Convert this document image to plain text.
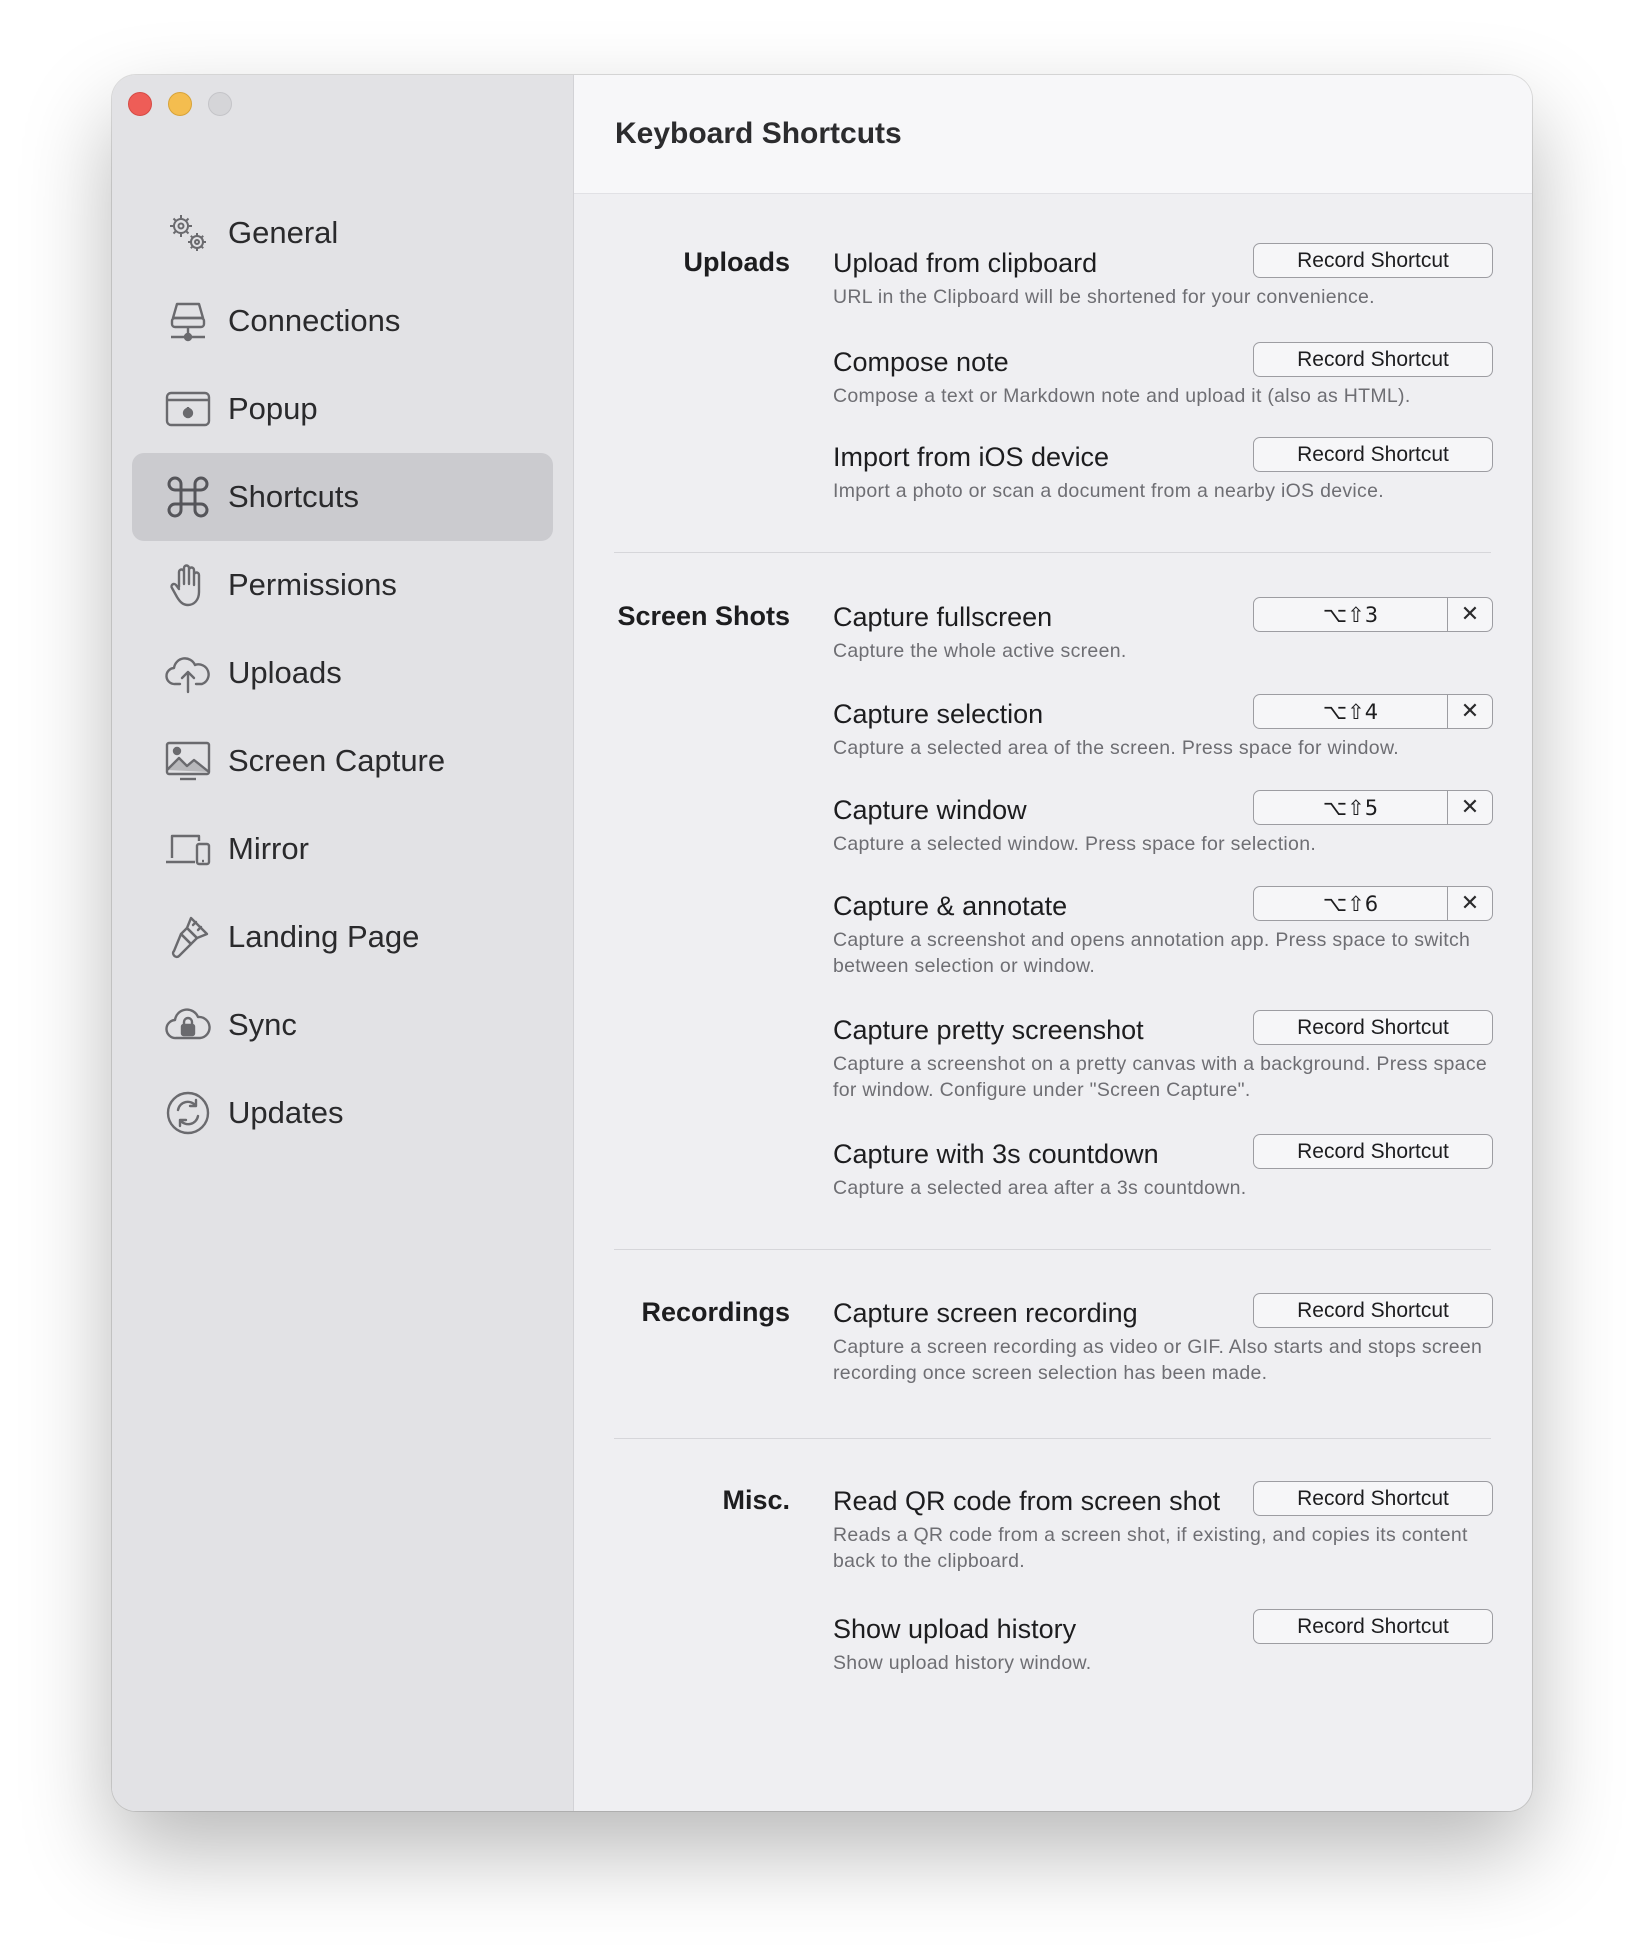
General
Connections
Popup
Shortcuts
Permissions
Uploads
Screen Capture
Mirror
Landing Page
Sync
Updates
Keyboard Shortcuts
Uploads Upload from clipboard
URL in the Clipboard will be shortened for your convenience.
Record Shortcut
Compose note
Compose a text or Markdown note and upload it (also as HTML).
Record Shortcut
Import from iOS device
Import a photo or scan a document from a nearby iOS device.
Record Shortcut
Screen Shots Capture fullscreen
Capture the whole active screen.
⌥⇧3	✕
Capture selection
Capture a selected area of the screen. Press space for window.
⌥⇧4	✕
Capture window
Capture a selected window. Press space for selection.
⌥⇧5	✕
Capture & annotate
Capture a screenshot and opens annotation app. Press space to switch between selection or window.
⌥⇧6	✕
Capture pretty screenshot
Capture a screenshot on a pretty canvas with a background. Press space for window. Configure under "Screen Capture".
Record Shortcut
Capture with 3s countdown
Capture a selected area after a 3s countdown.
Record Shortcut
Recordings Capture screen recording
Capture a screen recording as video or GIF. Also starts and stops screen recording once screen selection has been made.
Record Shortcut
Misc. Read QR code from screen shot
Reads a QR code from a screen shot, if existing, and copies its content back to the clipboard.
Record Shortcut
Show upload history
Show upload history window.
Record Shortcut
